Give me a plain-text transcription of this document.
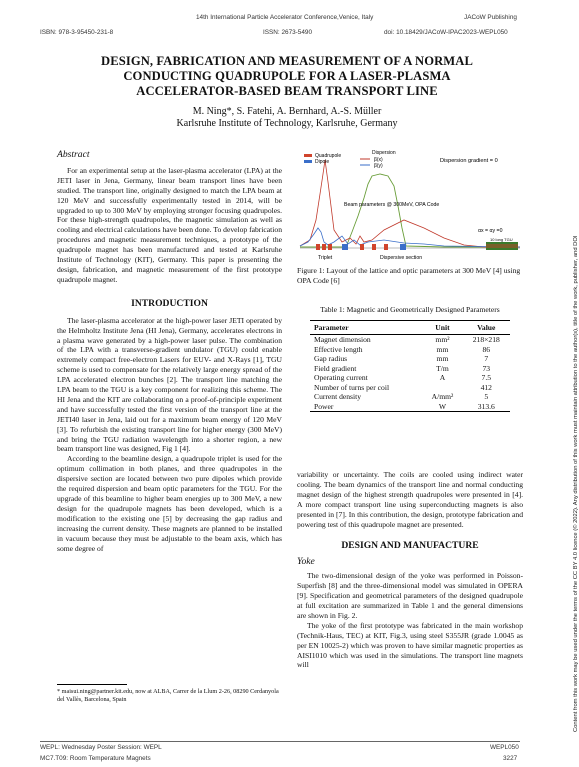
14th International Particle Accelerator Conference,Venice, Italy	JACoW Publishing
ISBN: 978-3-95450-231-8	ISSN: 2673-5490	doi: 10.18429/JACoW-IPAC2023-WEPL050
DESIGN, FABRICATION AND MEASUREMENT OF A NORMAL
CONDUCTING QUADRUPOLE FOR A LASER-PLASMA
ACCELERATOR-BASED BEAM TRANSPORT LINE
M. Ning*, S. Fatehi, A. Bernhard, A.-S. Müller
Karlsruhe Institute of Technology, Karlsruhe, Germany
Abstract

For an experimental setup at the laser-plasma accelerator (LPA) at the JETI laser in Jena, Germany, linear beam transport lines have been studied. The transport line, originally designed to match the LPA beam at 120 MeV and successfully experimentally tested in 2014, will be upgraded to up to 300 MeV by employing stronger focusing quadrupoles. For these high-strength quadrupoles, the magnetic simulation as well as cooling and electrical calculations have been done. To develop fabrication procedures and magnetic measurement techniques, a prototype of the quadrupole magnet has been manufactured and tested at Karlsruhe Institute of Technology (KIT), Germany. This paper is presenting the design, fabrication, and magnetic measurement of the first prototype quadrupole magnet.

INTRODUCTION

The laser-plasma accelerator at the high-power laser JETI operated by the Helmholtz Institute Jena (HI Jena), Germany, accelerates electrons in a plasma wave generated by a high-power laser pulse. The combination of the LPA with a transverse-gradient undulator (TGU) could enable extremely compact free-electron Lasers for EUV- and X-Rays [1], TGU scheme is used to compensate for the relatively large energy spread of the LPA accelerated electron bunches [2]. The transport line matching the LPA beam to the TGU is a key component for realizing this scheme. The HI Jena and the KIT are collaborating on a proof-of-principle experiment and have successfully tested the first version of the transport line at the JETI40 laser in Jena, laid out for a maximum beam energy of 120 MeV [3]. To refurbish the existing transport line for higher energy (300 MeV) and bring the TGU radiation wavelength into a shorter region, a new beam transport line was designed, Fig 1 [4].

According to the beamline design, a quadrupole triplet is used for the optimum collimation in both planes, and three quadrupoles in the dispersive section are located between two pure dipoles which provide the required dispersion and beam optic parameters for the TGU. For the upgrade of this beamline to higher beam energies up to 300 MeV, a new design for the quadrupole magnets has been developed, which is a modification to the existing one [5] by decreasing the gap radius and increasing the current density. These magnets are planned to be installed in vacuum because they must be adjustable to the beam axis, which has some degree of

* maisui.ning@partner.kit.edu, now at ALBA, Carrer de la Llum 2-26, 08290 Cerdanyola del Vallès, Barcelona, Spain
Quadrupole
Dipole
Dispersion
β(x)
β(y)
Dispersion gradient = 0
Beam parameters @ 300MeV, OPA Code
αx = αy =0
10 long TGU
Triplet	Dispersive section
Figure 1: Layout of the lattice and optic parameters at 300 MeV [4] using OPA Code [6]
Table 1: Magnetic and Geometrically Designed Parameters
Parameter	Unit	Value
Magnet dimension	mm²	218×218
Effective length	mm	86
Gap radius	mm	7
Field gradient	T/m	73
Operating current	A	7.5
Number of turns per coil		412
Current density	A/mm²	5
Power	W	313.6

variability or uncertainty. The coils are cooled using indirect water cooling. The beam dynamics of the transport line and normal conducting magnet design of the highest strength quadrupoles were presented in [4]. A more compact transport line using superconducting magnets is also presented in [7]. In this contribution, the design, prototype fabrication and powering test of this quadrupole magnet are presented.

DESIGN AND MANUFACTURE
Yoke

The two-dimensional design of the yoke was performed in Poisson-Superfish [8] and the three-dimensional model was simulated in OPERA [9]. Specification and geometrical parameters of the designed quadrupole at full excitation are summarized in Table 1 and the general dimensions are shown in Fig. 2.

The yoke of the first prototype was fabricated in the main workshop (Technik-Haus, TEC) at KIT, Fig.3, using steel S355JR (grade 1.0045 as per EN 10025-2) which was proven to have similar magnetic properties as AISI1010 which was used in the simulations. The transport line magnets will	Content from this work may be used under the terms of the CC BY 4.0 licence (© 2022). Any distribution of this work must maintain attribution to the author(s), title of the work, publisher, and DOI
WEPL: Wednesday Poster Session: WEPL	WEPL050
MC7.T09: Room Temperature Magnets	3227
